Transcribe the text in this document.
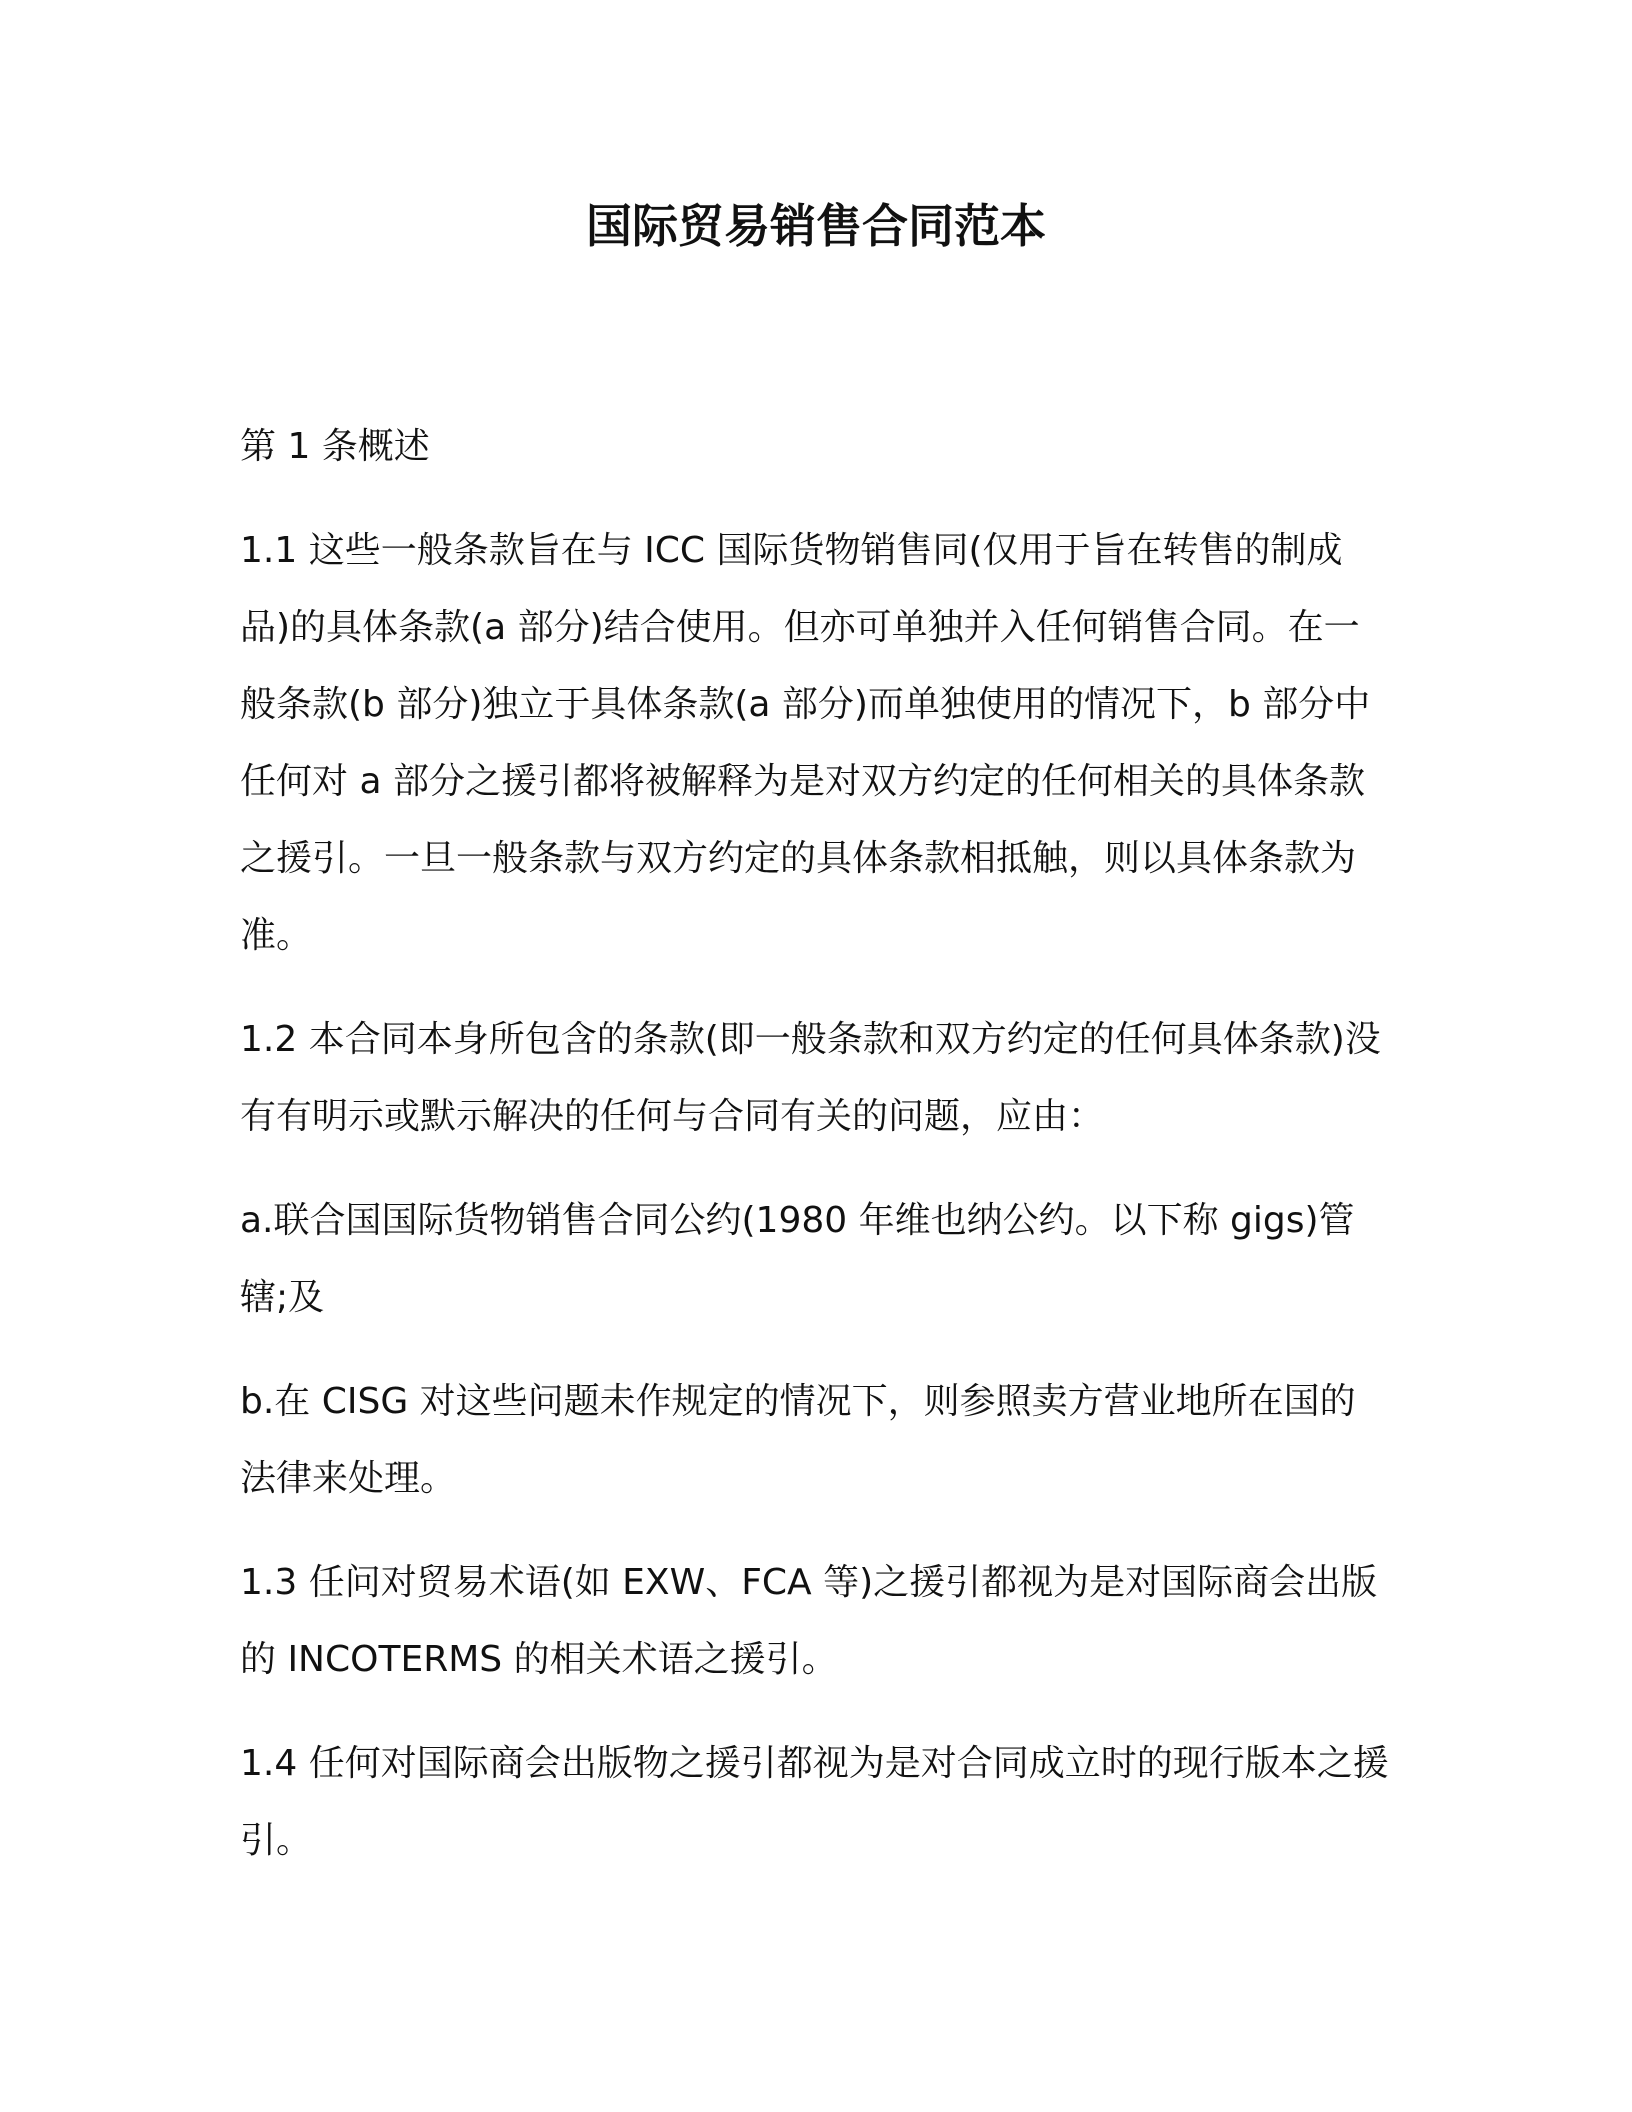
国际贸易销售合同范本

第 1 条概述

1.1 这些一般条款旨在与 ICC 国际货物销售同(仅用于旨在转售的制成品)的具体条款(a 部分)结合使用。但亦可单独并入任何销售合同。在一般条款(b 部分)独立于具体条款(a 部分)而单独使用的情况下，b 部分中任何对 a 部分之援引都将被解释为是对双方约定的任何相关的具体条款之援引。一旦一般条款与双方约定的具体条款相抵触，则以具体条款为准。

1.2 本合同本身所包含的条款(即一般条款和双方约定的任何具体条款)没有有明示或默示解决的任何与合同有关的问题，应由：

a.联合国国际货物销售合同公约(1980 年维也纳公约。以下称 gigs)管辖;及

b.在 CISG 对这些问题未作规定的情况下，则参照卖方营业地所在国的法律来处理。

1.3 任问对贸易术语(如 EXW、FCA 等)之援引都视为是对国际商会出版的 INCOTERMS 的相关术语之援引。

1.4 任何对国际商会出版物之援引都视为是对合同成立时的现行版本之援引。
